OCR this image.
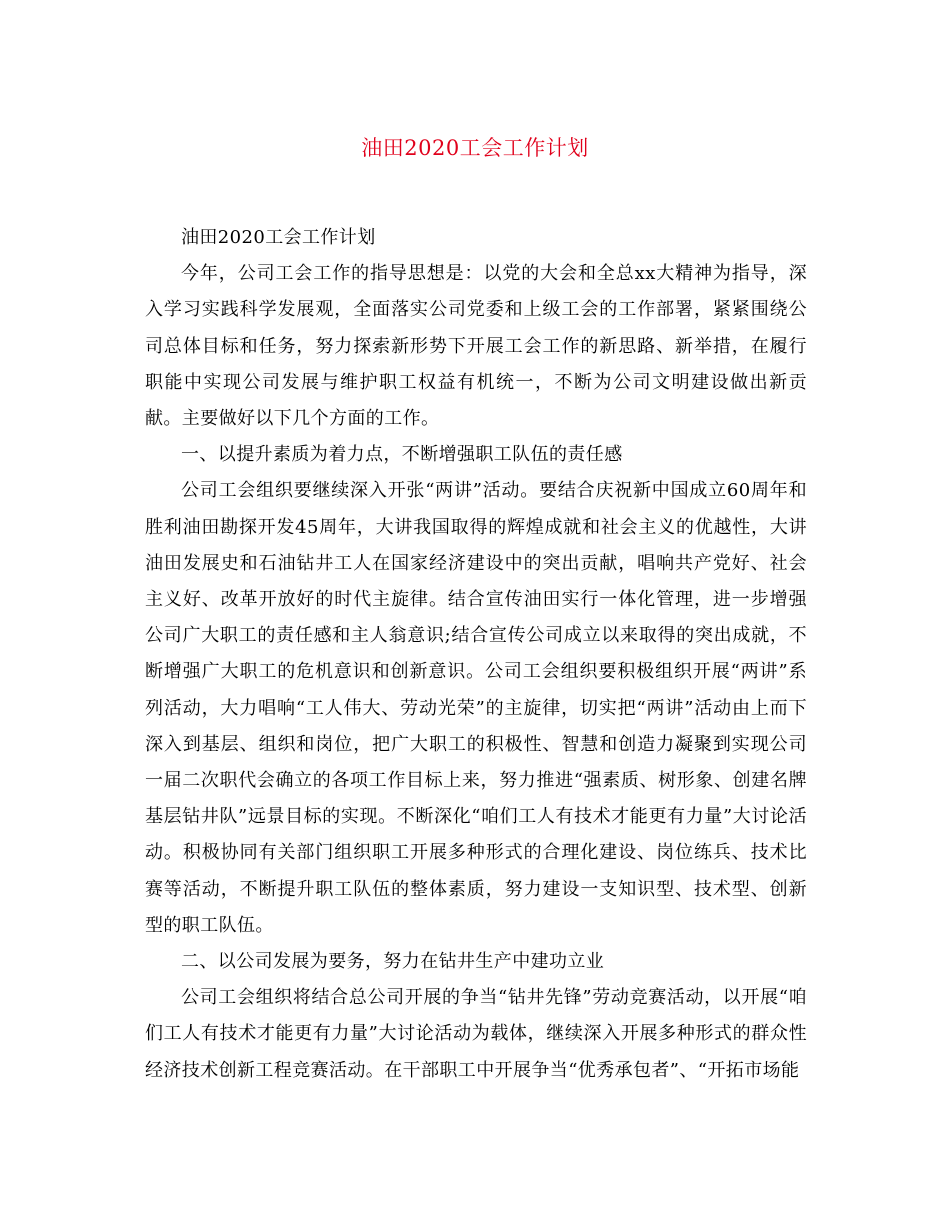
油田2020工会工作计划

油田2020工会工作计划

今年，公司工会工作的指导思想是：以党的大会和全总xx大精神为指导，深入学习实践科学发展观，全面落实公司党委和上级工会的工作部署，紧紧围绕公司总体目标和任务，努力探索新形势下开展工会工作的新思路、新举措，在履行职能中实现公司发展与维护职工权益有机统一，不断为公司文明建设做出新贡献。主要做好以下几个方面的工作。

一、以提升素质为着力点，不断增强职工队伍的责任感

公司工会组织要继续深入开张“两讲”活动。要结合庆祝新中国成立60周年和胜利油田勘探开发45周年，大讲我国取得的辉煌成就和社会主义的优越性，大讲油田发展史和石油钻井工人在国家经济建设中的突出贡献，唱响共产党好、社会主义好、改革开放好的时代主旋律。结合宣传油田实行一体化管理，进一步增强公司广大职工的责任感和主人翁意识;结合宣传公司成立以来取得的突出成就，不断增强广大职工的危机意识和创新意识。公司工会组织要积极组织开展“两讲”系列活动，大力唱响“工人伟大、劳动光荣”的主旋律，切实把“两讲”活动由上而下深入到基层、组织和岗位，把广大职工的积极性、智慧和创造力凝聚到实现公司一届二次职代会确立的各项工作目标上来，努力推进“强素质、树形象、创建名牌基层钻井队”远景目标的实现。不断深化“咱们工人有技术才能更有力量”大讨论活动。积极协同有关部门组织职工开展多种形式的合理化建设、岗位练兵、技术比赛等活动，不断提升职工队伍的整体素质，努力建设一支知识型、技术型、创新型的职工队伍。

二、以公司发展为要务，努力在钻井生产中建功立业

公司工会组织将结合总公司开展的争当“钻井先锋”劳动竞赛活动，以开展“咱们工人有技术才能更有力量”大讨论活动为载体，继续深入开展多种形式的群众性经济技术创新工程竞赛活动。在干部职工中开展争当“优秀承包者”、“开拓市场能
